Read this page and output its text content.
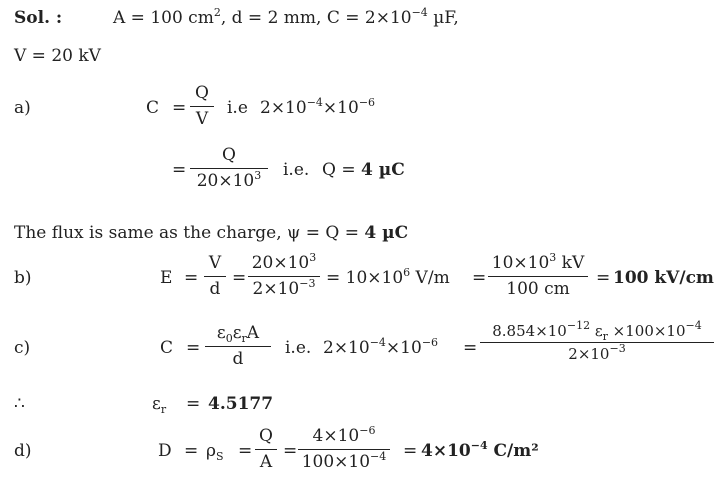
Sol. :	A = 100 $cm^2$, d = 2 mm, $C = 2\times 10^{-4}$ µF,
V = 20 kV
a)	C =
Q
V
i.e $2\times 10^{-4}\times 10^{-6}$
=
Q
$20\times 10^3$	i.e. Q = 4 µC
The flux is same as the charge, ψ = Q = 4 µC
b)	E =
V
d
=
$20\times 10^3$
$2\times 10^{-3} = 10\times 10^6$ V/m =
$10\times 10^3$ kV
100 cm
= 100 kV/cm
c)	C =
$\varepsilon_0\varepsilon_rA$
d
i.e. $2\times 10^{-4}\times 10^{-6}$ =
$8.854\times 10^{-12}$ $\varepsilon_r \times 100\times 10^{-4}$
$2\times 10^{-3}$
∴	$\varepsilon_r = 4.5177$
d)	$D = \rho_S$ =
Q
A
=
$4\times 10^{-6}$
$100\times 10^{-4} = 4\times 10^{-4}$ C/m²
